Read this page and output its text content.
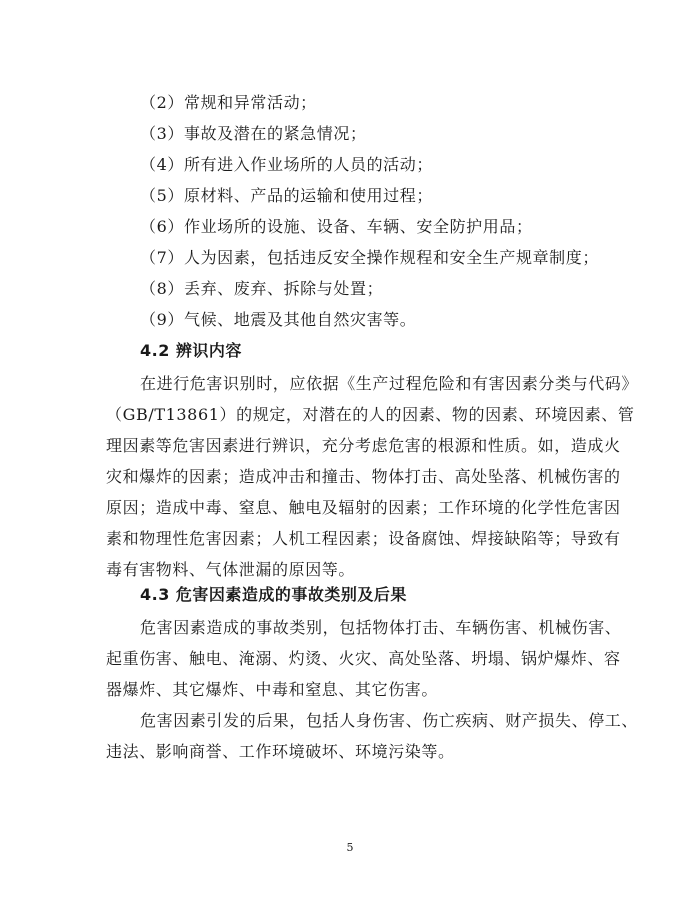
（2）常规和异常活动；
（3）事故及潜在的紧急情况；
（4）所有进入作业场所的人员的活动；
（5）原材料、产品的运输和使用过程；
（6）作业场所的设施、设备、车辆、安全防护用品；
（7）人为因素，包括违反安全操作规程和安全生产规章制度；
（8）丢弃、废弃、拆除与处置；
（9）气候、地震及其他自然灾害等。
4.2 辨识内容
在进行危害识别时，应依据《生产过程危险和有害因素分类与代码》
（GB/T13861）的规定，对潜在的人的因素、物的因素、环境因素、管
理因素等危害因素进行辨识，充分考虑危害的根源和性质。如，造成火
灾和爆炸的因素；造成冲击和撞击、物体打击、高处坠落、机械伤害的
原因；造成中毒、窒息、触电及辐射的因素；工作环境的化学性危害因
素和物理性危害因素；人机工程因素；设备腐蚀、焊接缺陷等；导致有
毒有害物料、气体泄漏的原因等。
4.3 危害因素造成的事故类别及后果
危害因素造成的事故类别，包括物体打击、车辆伤害、机械伤害、
起重伤害、触电、淹溺、灼烫、火灾、高处坠落、坍塌、锅炉爆炸、容
器爆炸、其它爆炸、中毒和窒息、其它伤害。
危害因素引发的后果，包括人身伤害、伤亡疾病、财产损失、停工、
违法、影响商誉、工作环境破坏、环境污染等。
5
